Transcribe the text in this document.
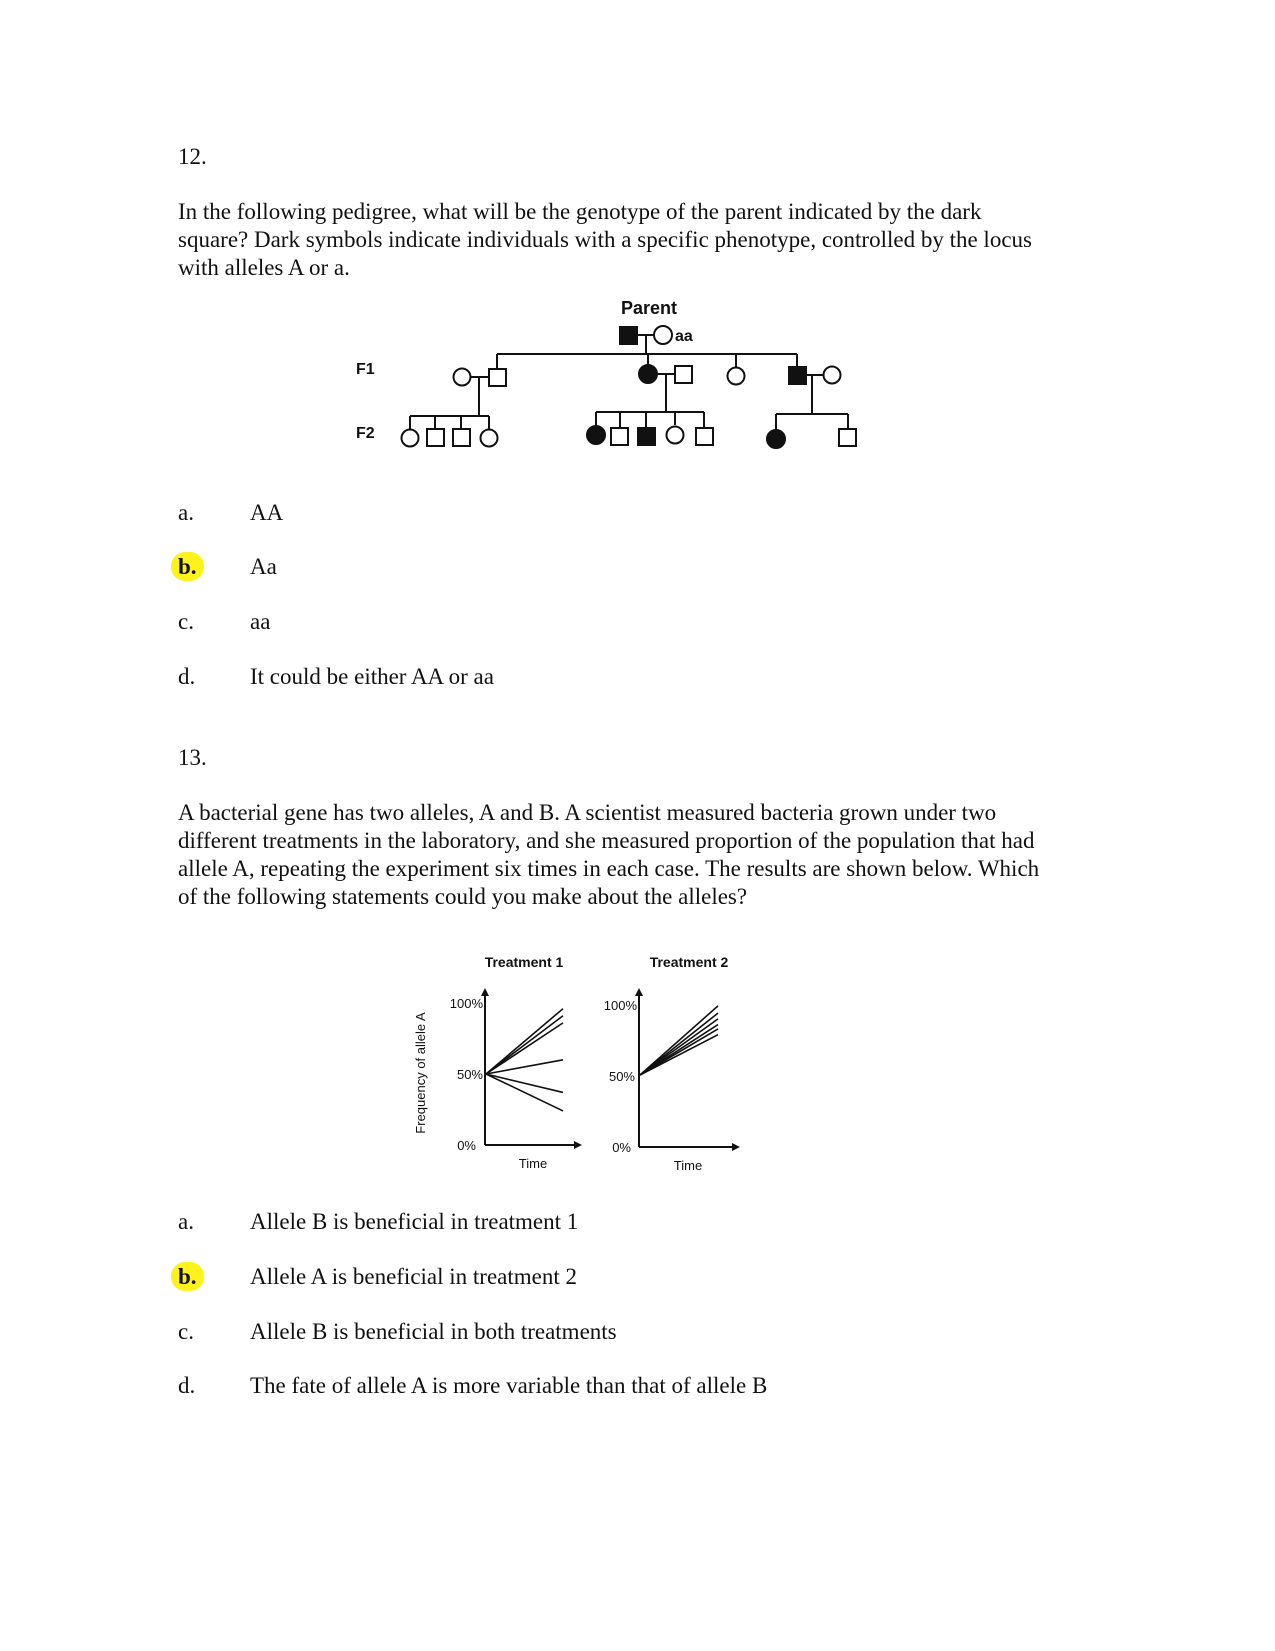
12.
In the following pedigree, what will be the genotype of the parent indicated by the dark square? Dark symbols indicate individuals with a specific phenotype, controlled by the locus with alleles A or a.
Parent
aa
F1
F2
a. AA
b.	Aa
c. aa
d. It could be either AA or aa
13.
A bacterial gene has two alleles, A and B. A scientist measured bacteria grown under two different treatments in the laboratory, and she measured proportion of the population that had allele A, repeating the experiment six times in each case. The results are shown below. Which of the following statements could you make about the alleles?
Treatment 1
Frequency of allele A
100%
50%
0%
Time
Treatment 2
100%
50%
0%
Time
a. Allele B is beneficial in treatment 1
b.	Allele A is beneficial in treatment 2
c. Allele B is beneficial in both treatments
d. The fate of allele A is more variable than that of allele B
